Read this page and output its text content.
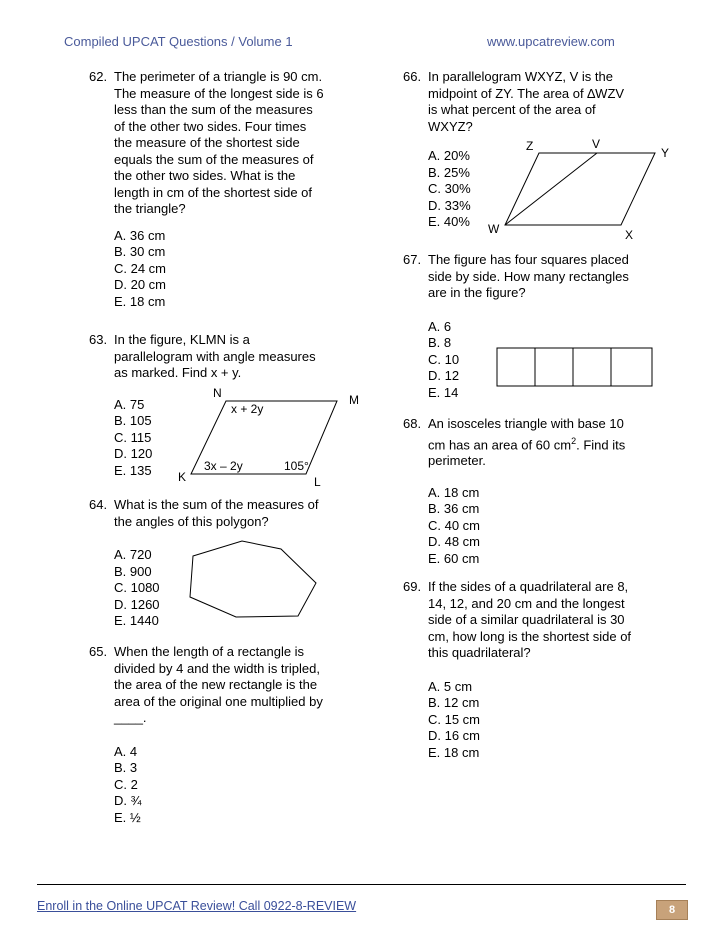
Compiled UPCAT Questions / Volume 1	www.upcatreview.com
62. The perimeter of a triangle is 90 cm.
The measure of the longest side is 6
less than the sum of the measures
of the other two sides. Four times
the measure of the shortest side
equals the sum of the measures of
the other two sides. What is the
length in cm of the shortest side of
the triangle?
A. 36 cm
B. 30 cm
C. 24 cm
D. 20 cm
E. 18 cm
63. In the figure, KLMN is a
parallelogram with angle measures
as marked. Find x + y.
A. 75
B. 105
C. 115
D. 120
E. 135
N	M
K	L
x + 2y
3x – 2y	105°
64. What is the sum of the measures of
the angles of this polygon?
A. 720
B. 900
C. 1080
D. 1260
E. 1440
65. When the length of a rectangle is
divided by 4 and the width is tripled,
the area of the new rectangle is the
area of the original one multiplied by
____.
A. 4
B. 3
C. 2
D. ¾
E. ½
66. In parallelogram WXYZ, V is the
midpoint of ZY. The area of ∆WZV
is what percent of the area of
WXYZ?
A. 20%
B. 25%
C. 30%
D. 33%
E. 40%
Z	V
Y
W	X
67. The figure has four squares placed
side by side. How many rectangles
are in the figure?
A. 6
B. 8
C. 10
D. 12
E. 14
68. An isosceles triangle with base 10
cm has an area of 60 $cm^2$. Find its
perimeter.
A. 18 cm
B. 36 cm
C. 40 cm
D. 48 cm
E. 60 cm
69. If the sides of a quadrilateral are 8,
14, 12, and 20 cm and the longest
side of a similar quadrilateral is 30
cm, how long is the shortest side of
this quadrilateral?
A. 5 cm
B. 12 cm
C. 15 cm
D. 16 cm
E. 18 cm
Enroll in the Online UPCAT Review! Call 0922-8-REVIEW	8
